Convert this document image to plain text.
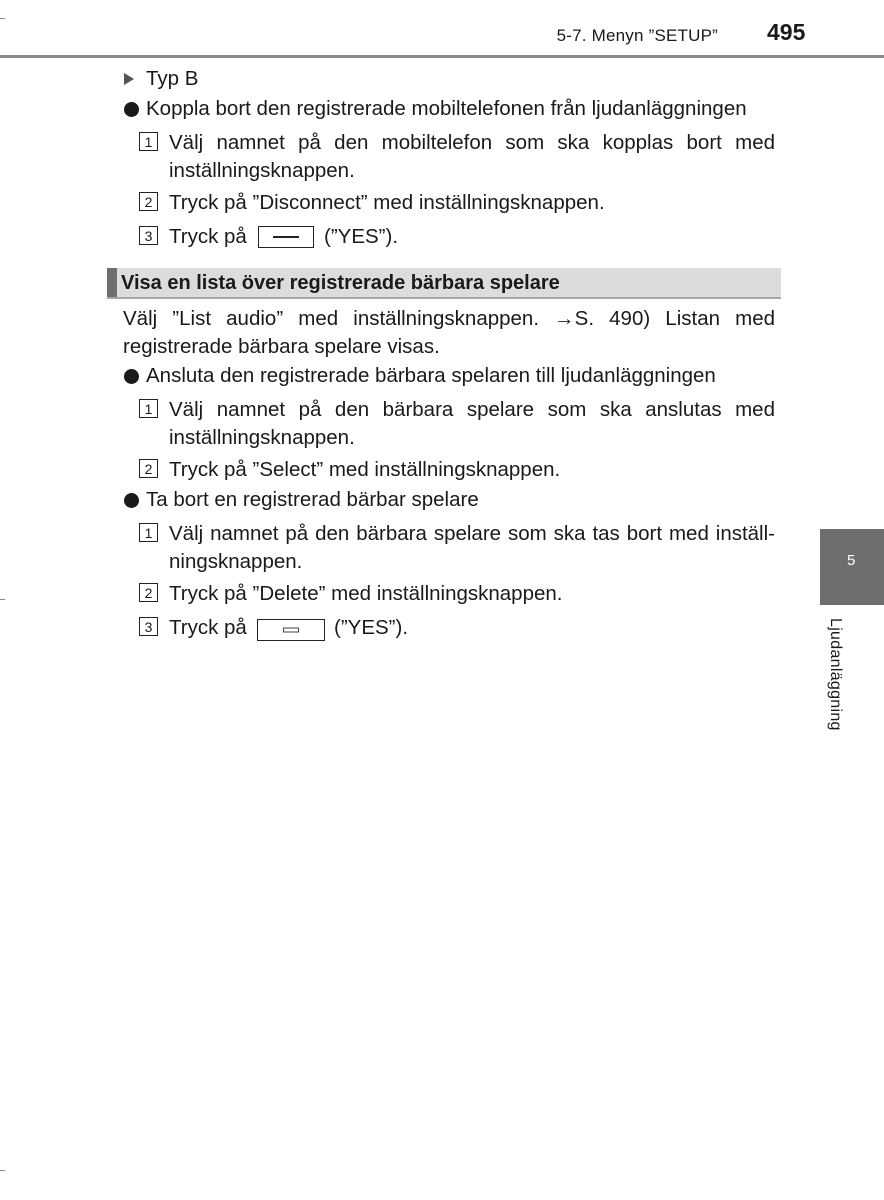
5-7. Menyn ”SETUP” 495
Typ B
Koppla bort den registrerade mobiltelefonen från ljudanläggningen
1 Välj namnet på den mobiltelefon som ska kopplas bort med
inställningsknappen.
2 Tryck på ”Disconnect” med inställningsknappen.
3 Tryck på	(”YES”).
Visa en lista över registrerade bärbara spelare
Välj ”List audio” med inställningsknappen. →S. 490) Listan med
registrerade bärbara spelare visas.
Ansluta den registrerade bärbara spelaren till ljudanläggningen
1 Välj namnet på den bärbara spelare som ska anslutas med
inställningsknappen.
2 Tryck på ”Select” med inställningsknappen.
Ta bort en registrerad bärbar spelare
1 Välj namnet på den bärbara spelare som ska tas bort med inställ-
ningsknappen.
2 Tryck på ”Delete” med inställningsknappen.
3 Tryck på	(”YES”).
5
Ljudanläggning
